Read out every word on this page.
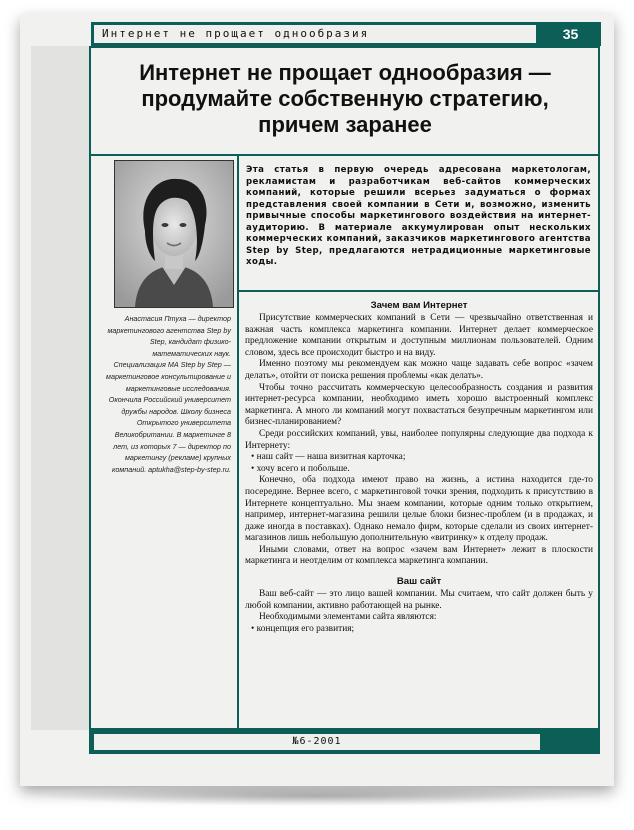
Интернет не прощает однообразия	35
Интернет не прощает однообразия —
продумайте собственную стратегию,
причем заранее
Эта статья в первую очередь адресована маркетологам, рекламистам и разработчикам веб-сайтов коммерческих компаний, которые решили всерьез задуматься о формах представления своей компании в Сети и, возможно, изменить привычные способы маркетингового воздействия на интернет-аудиторию. В материале аккумулирован опыт нескольких коммерческих компаний, заказчиков маркетингового агентства Step by Step, предлагаются нетрадиционные маркетинговые ходы.
Анастасия Птуха — директор маркетингового агентства Step by Step, кандидат физико-математических наук. Специализация МА Step by Step — маркетинговое консультирование и маркетинговые исследования. Окончила Российский университет дружбы народов. Школу бизнеса Открытого университета Великобритании. В маркетинге 8 лет, из которых 7 — директор по маркетингу (рекламе) крупных компаний. aptukha@step-by-step.ru.
Зачем вам Интернет

Присутствие коммерческих компаний в Сети — чрезвычайно ответственная и важная часть комплекса маркетинга компании. Интернет делает коммерческое предложение компании открытым и доступным миллионам пользователей. Одним словом, здесь все происходит быстро и на виду.

Именно поэтому мы рекомендуем как можно чаще задавать себе вопрос «зачем делать», отойти от поиска решения проблемы «как делать».

Чтобы точно рассчитать коммерческую целесообразность создания и развития интернет-ресурса компании, необходимо иметь хорошо выстроенный комплекс маркетинга. А много ли компаний могут похвастаться безупречным маркетингом или бизнес-планированием?

Среди российских компаний, увы, наиболее популярны следующие два подхода к Интернету:

• наш сайт — наша визитная карточка;

• хочу всего и побольше.

Конечно, оба подхода имеют право на жизнь, а истина находится где-то посередине. Вернее всего, с маркетинговой точки зрения, подходить к присутствию в Интернете концептуально. Мы знаем компании, которые одним только открытием, например, интернет-магазина решили целые блоки бизнес-проблем (и в продажах, и даже иногда в поставках). Однако немало фирм, которые сделали из своих интернет-магазинов лишь небольшую дополнительную «витринку» к отделу продаж.

Иными словами, ответ на вопрос «зачем вам Интернет» лежит в плоскости маркетинга и неотделим от комплекса маркетинга компании.

Ваш сайт

Ваш веб-сайт — это лицо вашей компании. Мы считаем, что сайт должен быть у любой компании, активно работающей на рынке.

Необходимыми элементами сайта являются:

• концепция его развития;

№6-2001
